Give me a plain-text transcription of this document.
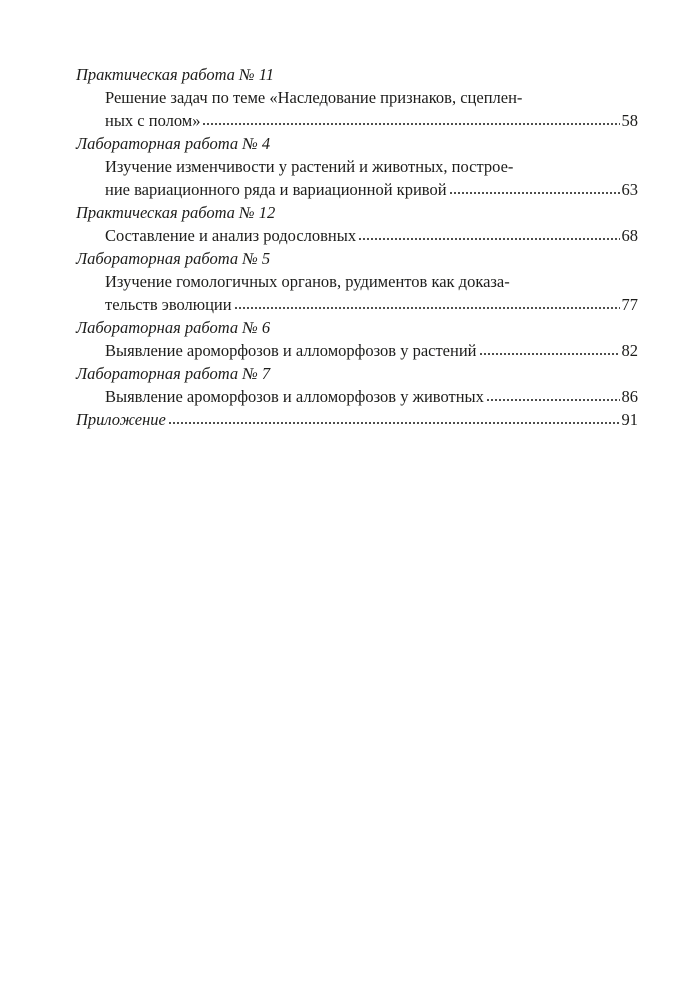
Практическая работа № 11
Решение задач по теме «Наследование признаков, сцеплен-
ных с полом»	58
Лабораторная работа № 4
Изучение изменчивости у растений и животных, построе-
ние вариационного ряда и вариационной кривой	63
Практическая работа № 12
Составление и анализ родословных	68
Лабораторная работа № 5
Изучение гомологичных органов, рудиментов как доказа-
тельств эволюции	77
Лабораторная работа № 6
Выявление ароморфозов и алломорфозов у растений	82
Лабораторная работа № 7
Выявление ароморфозов и алломорфозов у животных	86
Приложение	91
